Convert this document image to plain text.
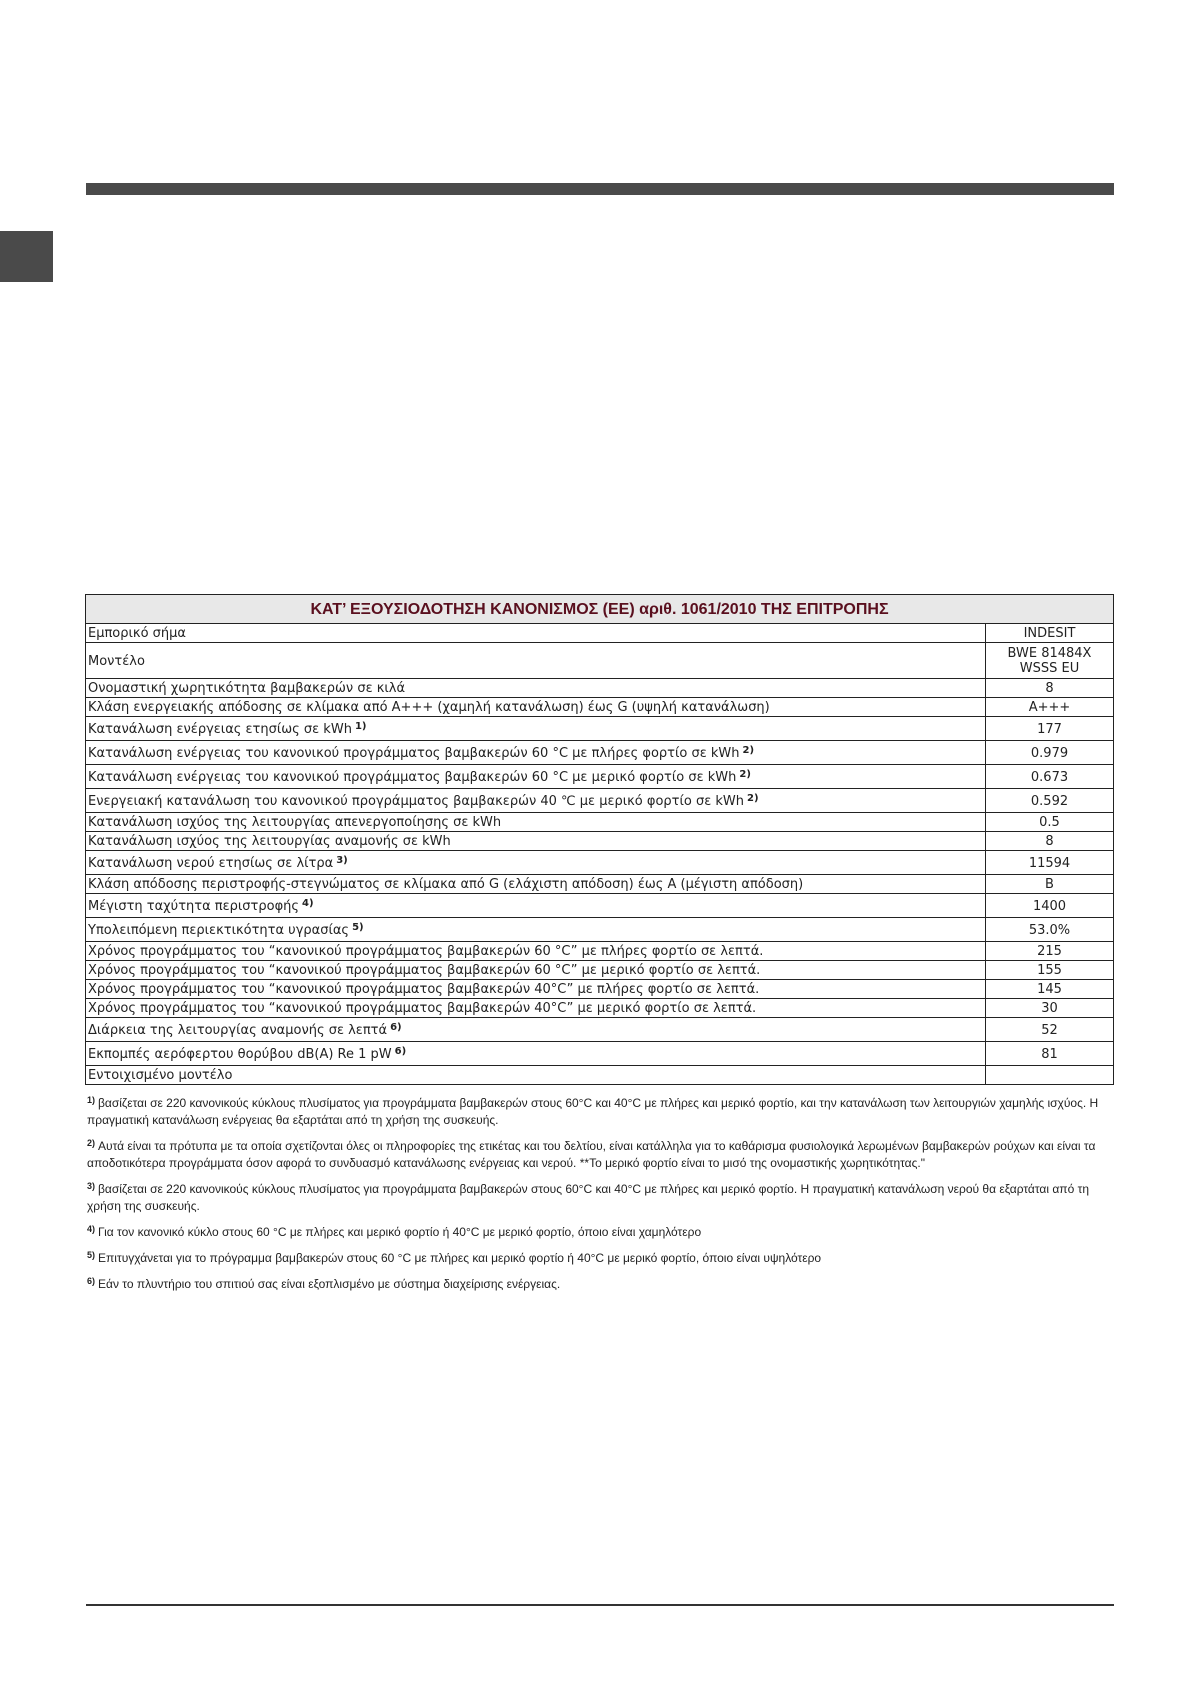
ΚΑΤ’ ΕΞΟΥΣΙΟΔΟΤΗΣΗ ΚΑΝΟΝΙΣΜΟΣ (ΕΕ) αριθ. 1061/2010 ΤΗΣ ΕΠΙΤΡΟΠΗΣ	
Εμπορικό σήμα	INDESIT
Μοντέλο	BWE 81484X WSSS EU
Ονομαστική χωρητικότητα βαμβακερών σε κιλά	8
Κλάση ενεργειακής απόδοσης σε κλίμακα από Α+++ (χαμηλή κατανάλωση) έως G (υψηλή κατανάλωση)	A+++
Κατανάλωση ενέργειας ετησίως σε kWh $^{1)}$	177
Κατανάλωση ενέργειας του κανονικού προγράμματος βαμβακερών 60 °C με πλήρες φορτίο σε kWh $^{2)}$	0.979
Κατανάλωση ενέργειας του κανονικού προγράμματος βαμβακερών 60 °C με μερικό φορτίο σε kWh $^{2)}$	0.673
Ενεργειακή κατανάλωση του κανονικού προγράμματος βαμβακερών 40 ℃ με μερικό φορτίο σε kWh $^{2)}$	0.592
Κατανάλωση ισχύος της λειτουργίας απενεργοποίησης σε kWh	0.5
Κατανάλωση ισχύος της λειτουργίας αναμονής σε kWh	8
Κατανάλωση νερού ετησίως σε λίτρα $^{3)}$	11594
Κλάση απόδοσης περιστροφής-στεγνώματος σε κλίμακα από G (ελάχιστη απόδοση) έως A (μέγιστη απόδοση)	B
Μέγιστη ταχύτητα περιστροφής $^{4)}$	1400
Υπολειπόμενη περιεκτικότητα υγρασίας $^{5)}$	53.0%
Χρόνος προγράμματος του “κανονικού προγράμματος βαμβακερών 60 °C” με πλήρες φορτίο σε λεπτά.	215
Χρόνος προγράμματος του “κανονικού προγράμματος βαμβακερών 60 °C” με μερικό φορτίο σε λεπτά.	155
Χρόνος προγράμματος του “κανονικού προγράμματος βαμβακερών 40°C” με πλήρες φορτίο σε λεπτά.	145
Χρόνος προγράμματος του “κανονικού προγράμματος βαμβακερών 40°C” με μερικό φορτίο σε λεπτά.	30
Διάρκεια της λειτουργίας αναμονής σε λεπτά $^{6)}$	52
Εκπομπές αερόφερτου θορύβου dB(A) Re 1 pW $^{6)}$	81
Εντοιχισμένο μοντέλο	

$^{1)}$ βασίζεται σε 220 κανονικούς κύκλους πλυσίματος για προγράμματα βαμβακερών στους 60°C και 40°C με πλήρες και μερικό φορτίο, και την κατανάλωση των λειτουργιών χαμηλής ισχύος. Η πραγματική κατανάλωση ενέργειας θα εξαρτάται από τη χρήση της συσκευής.

$^{2)}$ Αυτά είναι τα πρότυπα με τα οποία σχετίζονται όλες οι πληροφορίες της ετικέτας και του δελτίου, είναι κατάλληλα για το καθάρισμα φυσιολογικά λερωμένων βαμβακερών ρούχων και είναι τα αποδοτικότερα προγράμματα όσον αφορά το συνδυασμό κατανάλωσης ενέργειας και νερού. **Το μερικό φορτίο είναι το μισό της ονομαστικής χωρητικότητας."

$^{3)}$ βασίζεται σε 220 κανονικούς κύκλους πλυσίματος για προγράμματα βαμβακερών στους 60°C και 40°C με πλήρες και μερικό φορτίο. Η πραγματική κατανάλωση νερού θα εξαρτάται από τη χρήση της συσκευής.

$^{4)}$ Για τον κανονικό κύκλο στους 60 °C με πλήρες και μερικό φορτίο ή 40°C με μερικό φορτίο, όποιο είναι χαμηλότερο

$^{5)}$ Επιτυγχάνεται για το πρόγραμμα βαμβακερών στους 60 °C με πλήρες και μερικό φορτίο ή 40°C με μερικό φορτίο, όποιο είναι υψηλότερο

$^{6)}$ Εάν το πλυντήριο του σπιτιού σας είναι εξοπλισμένο με σύστημα διαχείρισης ενέργειας.
